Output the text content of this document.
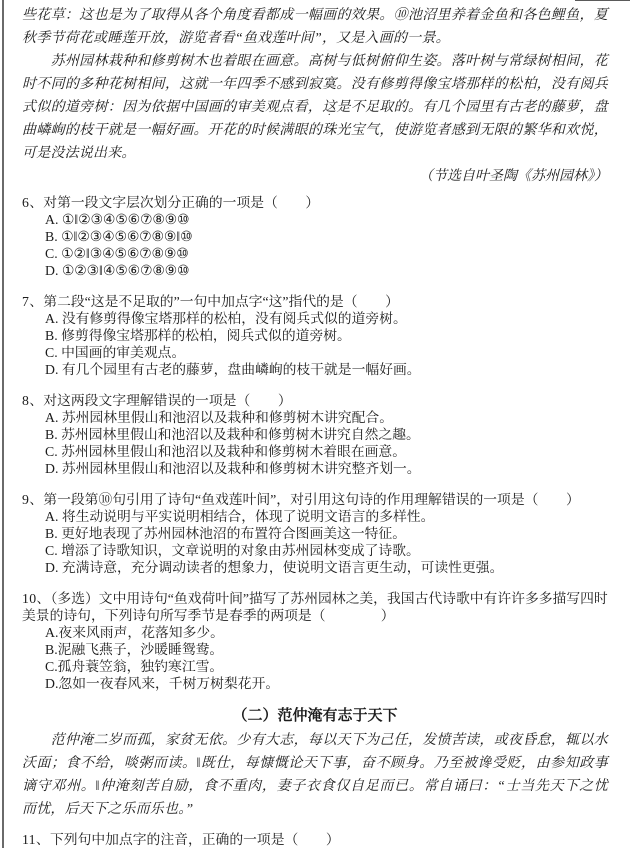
些花草：这也是为了取得从各个角度看都成一幅画的效果。⑩池沼里养着金鱼和各色鲤鱼，夏
秋季节荷花或睡莲开放，游览者看“鱼戏莲叶间”，又是入画的一景。
　　苏州园林栽种和修剪树木也着眼在画意。高树与低树俯仰生姿。落叶树与常绿树相间，花
时不同的多种花树相间，这就一年四季不感到寂寞。没有修剪得像宝塔那样的松柏，没有阅兵
式似的道旁树：因为依据中国画的审美观点看，这是不足取的。有几个园里有古老的藤萝，盘
曲嶙峋的枝干就是一幅好画。开花的时候满眼的珠光宝气，使游览者感到无限的繁华和欢悦，
可是没法说出来。
（节选自叶圣陶《苏州园林》）
6、对第一段文字层次划分正确的一项是（　　）
A. ①‖②③④⑤⑥⑦⑧⑨⑩
B. ①‖②③④⑤⑥⑦⑧⑨‖⑩
C. ①②‖③④⑤⑥⑦⑧⑨⑩
D. ①②③‖④⑤⑥⑦⑧⑨⑩
7、第二段“这是不足取的”一句中加点字“这”指代的是（　　）
A. 没有修剪得像宝塔那样的松柏，没有阅兵式似的道旁树。
B. 修剪得像宝塔那样的松柏，阅兵式似的道旁树。
C. 中国画的审美观点。
D. 有几个园里有古老的藤萝，盘曲嶙峋的枝干就是一幅好画。
8、对这两段文字理解错误的一项是（　　）
A. 苏州园林里假山和池沼以及栽种和修剪树木讲究配合。
B. 苏州园林里假山和池沼以及栽种和修剪树木讲究自然之趣。
C. 苏州园林里假山和池沼以及栽种和修剪树木着眼在画意。
D. 苏州园林里假山和池沼以及栽种和修剪树木讲究整齐划一。
9、第一段第⑩句引用了诗句“鱼戏莲叶间”，对引用这句诗的作用理解错误的一项是（　　）
A. 将生动说明与平实说明相结合，体现了说明文语言的多样性。
B. 更好地表现了苏州园林池沼的布置符合图画美这一特征。
C. 增添了诗歌知识，文章说明的对象由苏州园林变成了诗歌。
D. 充满诗意，充分调动读者的想象力，使说明文语言更生动，可读性更强。
10、（多选）文中用诗句“鱼戏荷叶间”描写了苏州园林之美，我国古代诗歌中有许许多多描写四时美景的诗句，下列诗句所写季节是春季的两项是（　　　　）
A.夜来风雨声，花落知多少。
B.泥融飞燕子，沙暖睡鸳鸯。
C.孤舟蓑笠翁，独钓寒江雪。
D.忽如一夜春风来，千树万树梨花开。
（二）范仲淹有志于天下
　　范仲淹二岁而孤，家贫无依。少有大志，每以天下为己任，发愤苦读，或夜昏怠，辄以水
沃面；食不给，啖粥而读。‖既仕，每慷慨论天下事，奋不顾身。乃至被谗受贬，由参知政事
谪守邓州。‖仲淹刻苦自励，食不重肉，妻子衣食仅自足而已。常自诵曰：“士当先天下之忧
而忧，后天下之乐而乐也。”
11、下列句中加点字的注音，正确的一项是（　　）
